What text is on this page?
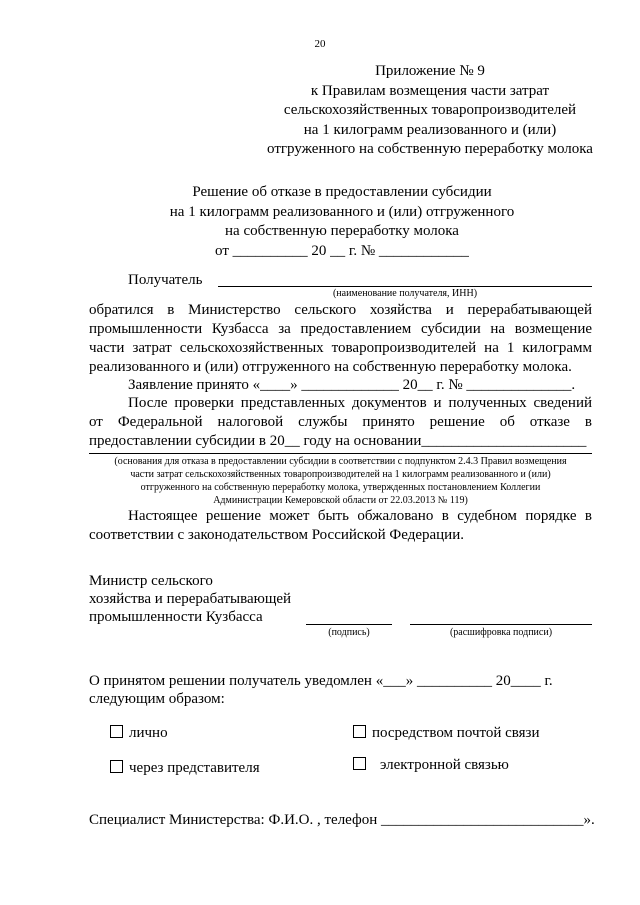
20
Приложение № 9
к Правилам возмещения части затрат
сельскохозяйственных товаропроизводителей
на 1 килограмм реализованного и (или)
отгруженного на собственную переработку молока
Решение об отказе в предоставлении субсидии
на 1 килограмм реализованного и (или) отгруженного
на собственную переработку молока
от __________ 20 __ г. № ____________
Получатель
(наименование получателя, ИНН)
обратился в Министерство сельского хозяйства и перерабатывающей
промышленности Кузбасса за предоставлением субсидии на возмещение
части затрат сельскохозяйственных товаропроизводителей на 1 килограмм
реализованного и (или) отгруженного на собственную переработку молока.
Заявление принято «____» _____________ 20__ г. № ______________.
После проверки представленных документов и полученных сведений
от Федеральной налоговой службы принято решение об отказе в
предоставлении субсидии в 20__ году на основании______________________
(основания для отказа в предоставлении субсидии в соответствии с подпунктом 2.4.3 Правил возмещения
части затрат сельскохозяйственных товаропроизводителей на 1 килограмм реализованного и (или)
отгруженного на собственную переработку молока, утвержденных постановлением Коллегии
Администрации Кемеровской области от 22.03.2013 № 119)
Настоящее решение может быть обжаловано в судебном порядке в
соответствии с законодательством Российской Федерации.
Министр сельского
хозяйства и перерабатывающей
промышленности Кузбасса
(подпись)	(расшифровка подписи)
О принятом решении получатель уведомлен «___» __________ 20____ г.
следующим образом:
лично	посредством почтой связи
через представителя	электронной связью
Специалист Министерства: Ф.И.О. , телефон ___________________________».
